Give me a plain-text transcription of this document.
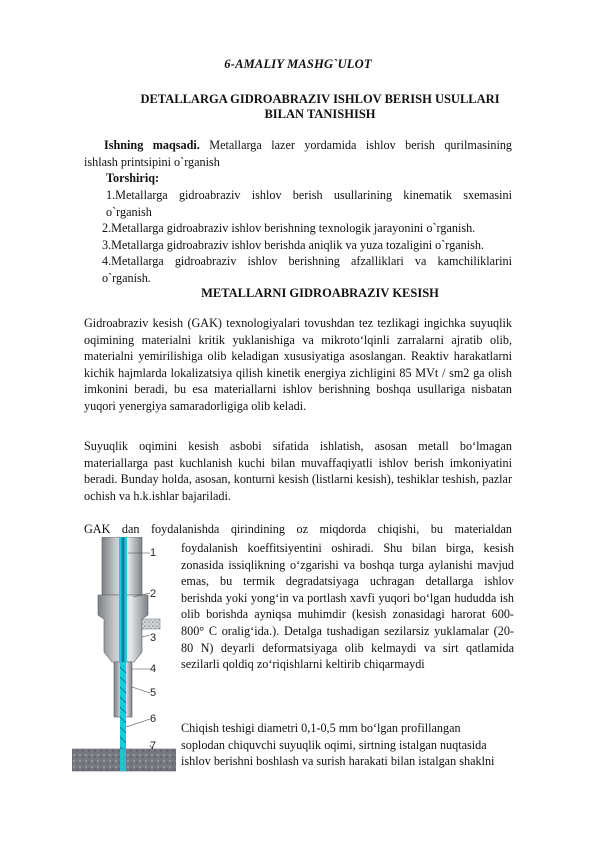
6-AMALIY MASHG`ULOT
DETALLARGA GIDROABRAZIV ISHLOV BERISH USULLARI
BILAN TANISHISH
Ishning maqsadi. Metallarga lazer yordamida ishlov berish qurilmasining
ishlash printsipini o`rganish
Torshiriq:
1.Metallarga gidroabraziv ishlov berish usullarining kinematik sxemasini
o`rganish
2.Metallarga gidroabraziv ishlov berishning texnologik jarayonini o`rganish.
3.Metallarga gidroabraziv ishlov berishda aniqlik va yuza tozaligini o`rganish.
4.Metallarga gidroabraziv ishlov berishning afzalliklari va kamchiliklarini
o`rganish.
METALLARNI GIDROABRAZIV KESISH
Gidroabraziv kesish (GAK) texnologiyalari tovushdan tez tezlikagi ingichka suyuqlik oqimining materialni kritik yuklanishiga va mikroto‘lqinli zarralarni ajratib olib, materialni yemirilishiga olib keladigan xususiyatiga asoslangan. Reaktiv harakatlarni kichik hajmlarda lokalizatsiya qilish kinetik energiya zichligini 85 MVt / sm2 ga olish imkonini beradi, bu esa materiallarni ishlov berishning boshqa usullariga nisbatan yuqori yenergiya samaradorligiga olib keladi.
Suyuqlik oqimini kesish asbobi sifatida ishlatish, asosan metall bo‘lmagan materiallarga past kuchlanish kuchi bilan muvaffaqiyatli ishlov berish imkoniyatini beradi. Bunday holda, asosan, konturni kesish (listlarni kesish), teshiklar teshish, pazlar ochish va h.k.ishlar bajariladi.
GAK dan foydalanishda qirindining oz miqdorda chiqishi, bu materialdan
foydalanish koeffitsiyentini oshiradi. Shu bilan birga, kesish
zonasida issiqlikning o‘zgarishi va boshqa turga aylanishi mavjud
emas, bu termik degradatsiyaga uchragan detallarga ishlov
berishda yoki yong‘in va portlash xavfi yuqori bo‘lgan hududda ish
olib borishda ayniqsa muhimdir (kesish zonasidagi harorat 600-
800° C oralig‘ida.). Detalga tushadigan sezilarsiz yuklamalar (20-
80 N) deyarli deformatsiyaga olib kelmaydi va sirt qatlamida
sezilarli qoldiq zo‘riqishlarni keltirib chiqarmaydi
Chiqish teshigi diametri 0,1-0,5 mm bo‘lgan profillangan
soplodan chiquvchi suyuqlik oqimi, sirtning istalgan nuqtasida
ishlov berishni boshlash va surish harakati bilan istalgan shaklni
1
2
3
4
5
6
7
